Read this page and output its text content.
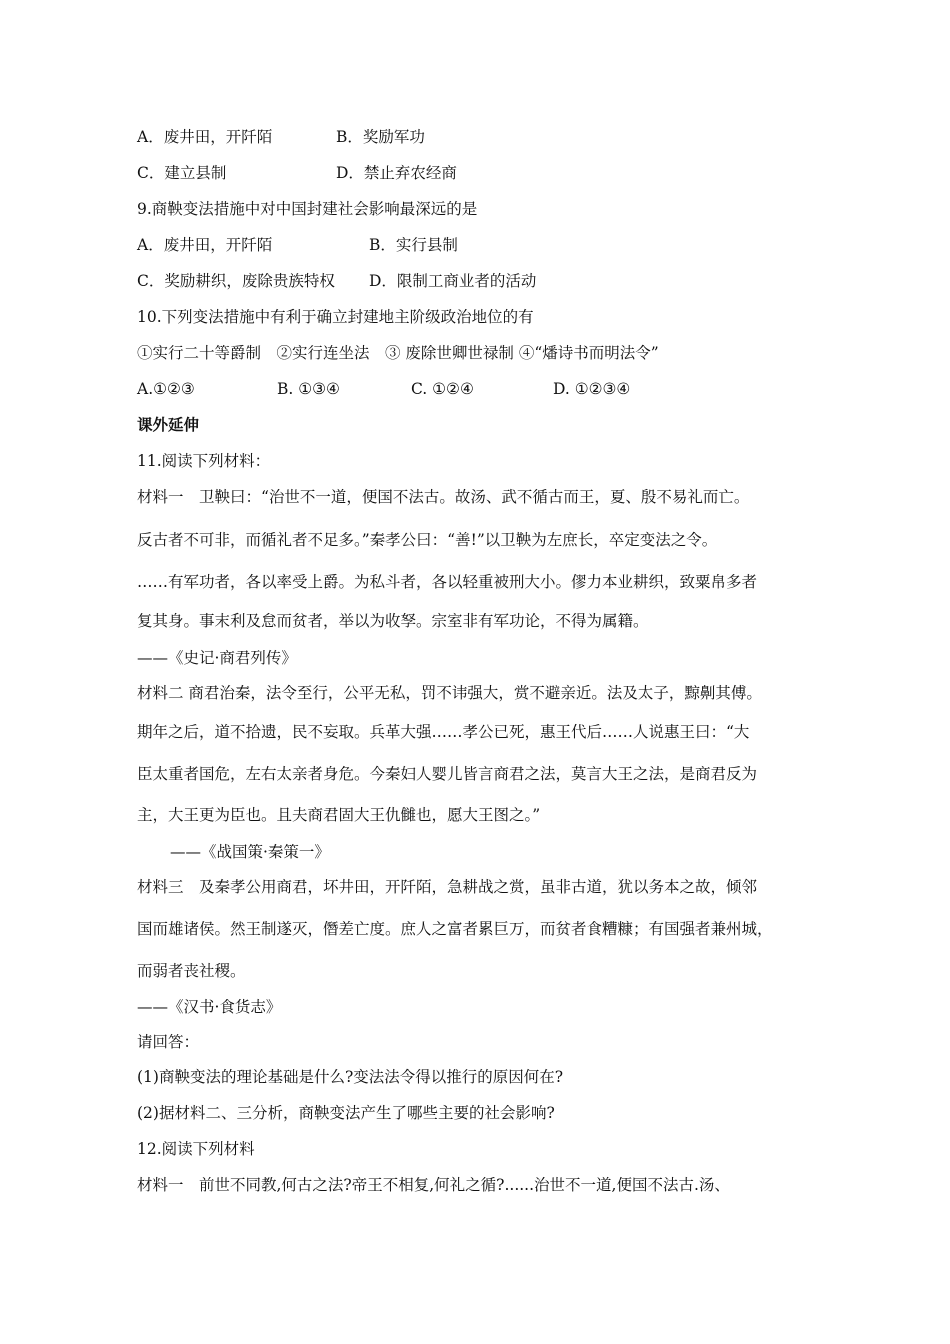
A．废井田，开阡陌	B．奖励军功
C．建立县制	D．禁止弃农经商
9.商鞅变法措施中对中国封建社会影响最深远的是
A．废井田，开阡陌	B．实行县制
C．奖励耕织，废除贵族特权 D．限制工商业者的活动
10.下列变法措施中有利于确立封建地主阶级政治地位的有
①实行二十等爵制　②实行连坐法　③ 废除世卿世禄制 ④“燔诗书而明法令”
A.①②③	B. ①③④	C. ①②④	D. ①②③④
课外延伸
11.阅读下列材料：
材料一　卫鞅曰：“治世不一道，便国不法古。故汤、武不循古而王，夏、殷不易礼而亡。
反古者不可非，而循礼者不足多。”秦孝公曰：“善!”以卫鞅为左庶长，卒定变法之令。
……有军功者，各以率受上爵。为私斗者，各以轻重被刑大小。僇力本业耕织，致粟帛多者
复其身。事末利及怠而贫者，举以为收孥。宗室非有军功论，不得为属籍。
——《史记·商君列传》
材料二 商君治秦，法令至行，公平无私，罚不讳强大，赏不避亲近。法及太子，黥劓其傅。
期年之后，道不拾遗，民不妄取。兵革大强……孝公已死，惠王代后……人说惠王曰：“大
臣太重者国危，左右太亲者身危。今秦妇人婴儿皆言商君之法，莫言大王之法，是商君反为
主，大王更为臣也。且夫商君固大王仇雠也，愿大王图之。”
——《战国策·秦策一》
材料三　及秦孝公用商君，坏井田，开阡陌，急耕战之赏，虽非古道，犹以务本之故，倾邻
国而雄诸侯。然王制遂灭，僭差亡度。庶人之富者累巨万，而贫者食糟糠；有国强者兼州城，
而弱者丧社稷。
——《汉书·食货志》
请回答：
(1)商鞅变法的理论基础是什么?变法法令得以推行的原因何在?
(2)据材料二、三分析，商鞅变法产生了哪些主要的社会影响?
12.阅读下列材料
材料一　前世不同教,何古之法?帝王不相复,何礼之循?......治世不一道,便国不法古.汤、
